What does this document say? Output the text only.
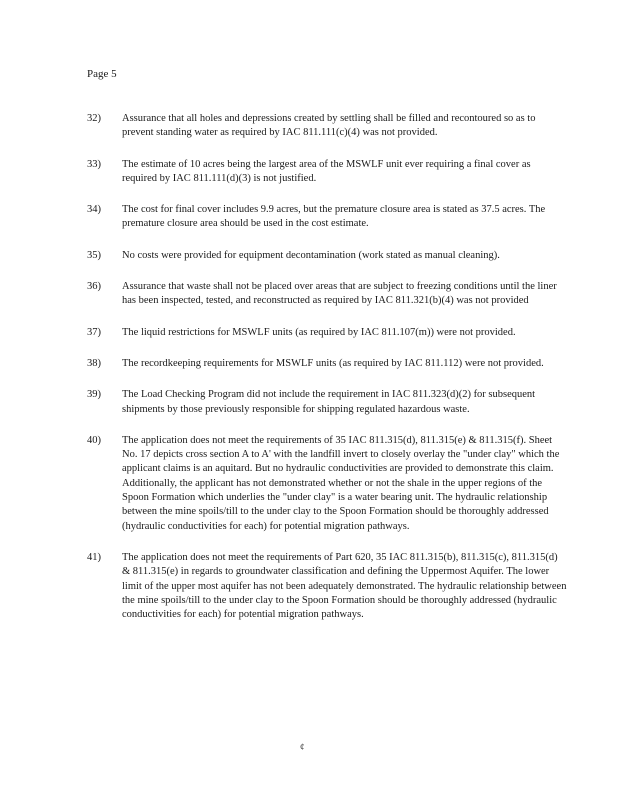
Page 5
32)	Assurance that all holes and depressions created by settling shall be filled and recontoured so as to prevent standing water as required by IAC 811.111(c)(4) was not provided.
33)	The estimate of 10 acres being the largest area of the MSWLF unit ever requiring a final cover as required by IAC 811.111(d)(3) is not justified.
34)	The cost for final cover includes 9.9 acres, but the premature closure area is stated as 37.5 acres. The premature closure area should be used in the cost estimate.
35)	No costs were provided for equipment decontamination (work stated as manual cleaning).
36)	Assurance that waste shall not be placed over areas that are subject to freezing conditions until the liner has been inspected, tested, and reconstructed as required by IAC 811.321(b)(4) was not provided
37)	The liquid restrictions for MSWLF units (as required by IAC 811.107(m)) were not provided.
38)	The recordkeeping requirements for MSWLF units (as required by IAC 811.112) were not provided.
39)	The Load Checking Program did not include the requirement in IAC 811.323(d)(2) for subsequent shipments by those previously responsible for shipping regulated hazardous waste.
40)	The application does not meet the requirements of 35 IAC 811.315(d), 811.315(e) & 811.315(f). Sheet No. 17 depicts cross section A to A' with the landfill invert to closely overlay the "under clay" which the applicant claims is an aquitard. But no hydraulic conductivities are provided to demonstrate this claim. Additionally, the applicant has not demonstrated whether or not the shale in the upper regions of the Spoon Formation which underlies the "under clay" is a water bearing unit. The hydraulic relationship between the mine spoils/till to the under clay to the Spoon Formation should be thoroughly addressed (hydraulic conductivities for each) for potential migration pathways.
41)	The application does not meet the requirements of Part 620, 35 IAC 811.315(b), 811.315(c), 811.315(d) & 811.315(e) in regards to groundwater classification and defining the Uppermost Aquifer. The lower limit of the upper most aquifer has not been adequately demonstrated. The hydraulic relationship between the mine spoils/till to the under clay to the Spoon Formation should be thoroughly addressed (hydraulic conductivities for each) for potential migration pathways.
¢
